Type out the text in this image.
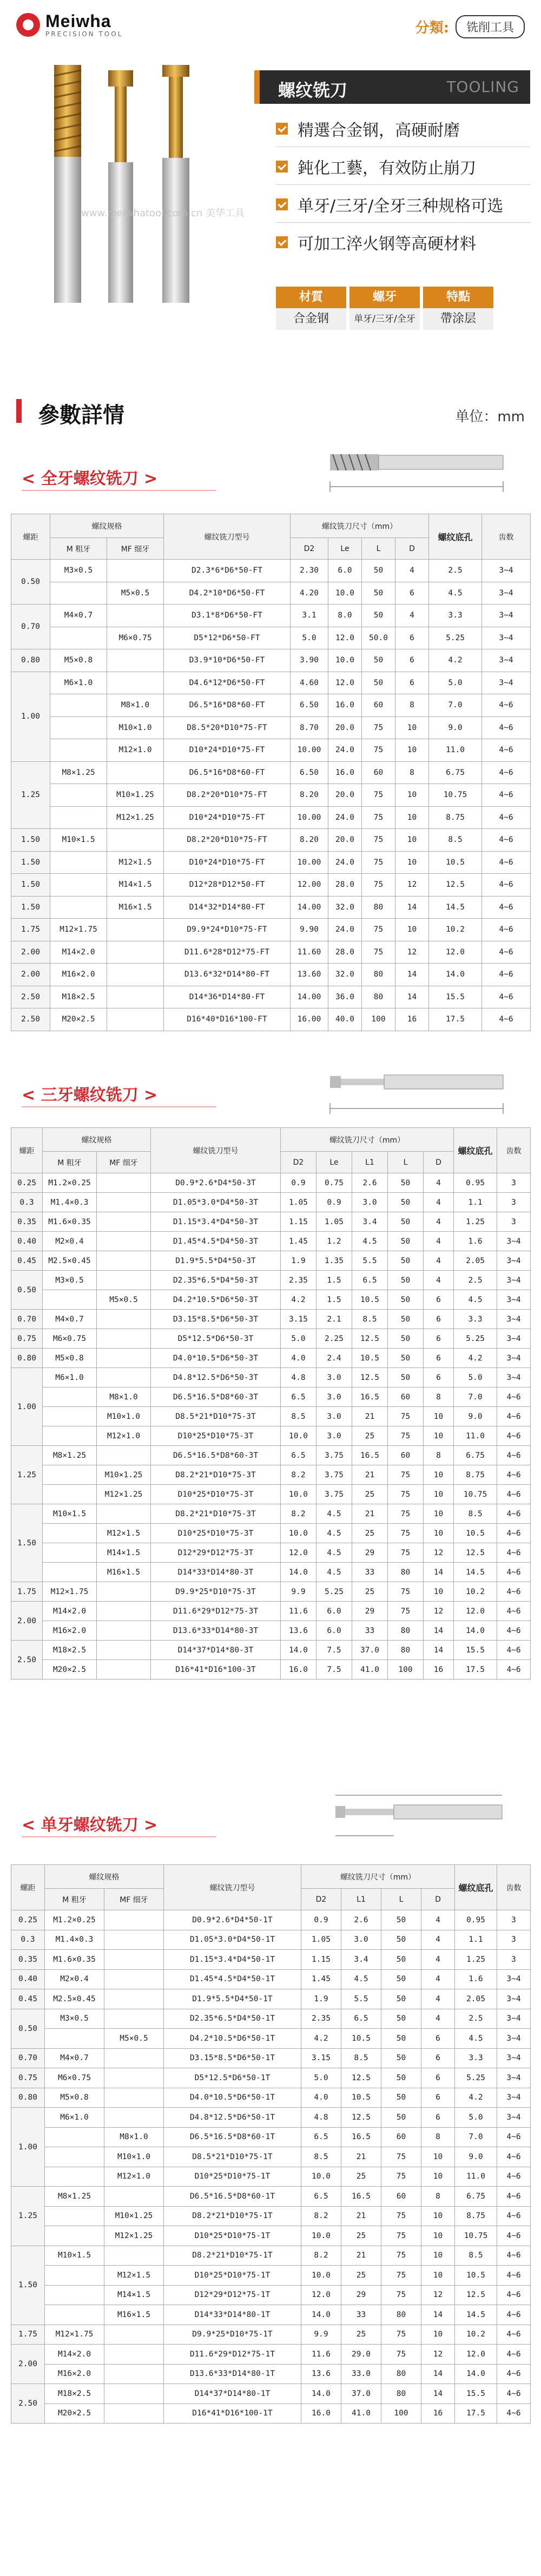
Meiwha
PRECISION TOOL	分類:	铣削工具
www.meiwhatool.com.cn 美华工具
螺纹铣刀	TOOLING
精選合金钢，高硬耐磨
鈍化工藝，有效防止崩刀
单牙/三牙/全牙三种规格可选
可加工淬火钢等高硬材料
材質
合金钢
螺牙
单牙/三牙/全牙
特點
帶涂层
參數詳情	单位：mm
< 全牙螺纹铣刀 >
螺距	螺纹规格		螺纹铣刀型号	螺纹铣刀尺寸（mm）				螺纹底孔	齿数
	M 粗牙	MF 细牙		D2	Le	L	D		
0.50	M3×0.5		D2.3*6*D6*50-FT	2.30	6.0	50	4	2.5	3~4
		M5×0.5	D4.2*10*D6*50-FT	4.20	10.0	50	6	4.5	3~4
0.70	M4×0.7		D3.1*8*D6*50-FT	3.1	8.0	50	4	3.3	3~4
		M6×0.75	D5*12*D6*50-FT	5.0	12.0	50.0	6	5.25	3~4
0.80	M5×0.8		D3.9*10*D6*50-FT	3.90	10.0	50	6	4.2	3~4
1.00	M6×1.0		D4.6*12*D6*50-FT	4.60	12.0	50	6	5.0	3~4
		M8×1.0	D6.5*16*D8*60-FT	6.50	16.0	60	8	7.0	4~6
		M10×1.0	D8.5*20*D10*75-FT	8.70	20.0	75	10	9.0	4~6
		M12×1.0	D10*24*D10*75-FT	10.00	24.0	75	10	11.0	4~6
1.25	M8×1.25		D6.5*16*D8*60-FT	6.50	16.0	60	8	6.75	4~6
		M10×1.25	D8.2*20*D10*75-FT	8.20	20.0	75	10	10.75	4~6
		M12×1.25	D10*24*D10*75-FT	10.00	24.0	75	10	8.75	4~6
1.50	M10×1.5		D8.2*20*D10*75-FT	8.20	20.0	75	10	8.5	4~6
1.50		M12×1.5	D10*24*D10*75-FT	10.00	24.0	75	10	10.5	4~6
1.50		M14×1.5	D12*28*D12*50-FT	12.00	28.0	75	12	12.5	4~6
1.50		M16×1.5	D14*32*D14*80-FT	14.00	32.0	80	14	14.5	4~6
1.75	M12×1.75		D9.9*24*D10*75-FT	9.90	24.0	75	10	10.2	4~6
2.00	M14×2.0		D11.6*28*D12*75-FT	11.60	28.0	75	12	12.0	4~6
2.00	M16×2.0		D13.6*32*D14*80-FT	13.60	32.0	80	14	14.0	4~6
2.50	M18×2.5		D14*36*D14*80-FT	14.00	36.0	80	14	15.5	4~6
2.50	M20×2.5		D16*40*D16*100-FT	16.00	40.0	100	16	17.5	4~6
< 三牙螺纹铣刀 >
螺距	螺纹规格		螺纹铣刀型号	螺纹铣刀尺寸（mm）					螺纹底孔	齿数
	M 粗牙	MF 细牙		D2	Le	L1	L	D		
0.25	M1.2×0.25		D0.9*2.6*D4*50-3T	0.9	0.75	2.6	50	4	0.95	3
0.3	M1.4×0.3		D1.05*3.0*D4*50-3T	1.05	0.9	3.0	50	4	1.1	3
0.35	M1.6×0.35		D1.15*3.4*D4*50-3T	1.15	1.05	3.4	50	4	1.25	3
0.40	M2×0.4		D1.45*4.5*D4*50-3T	1.45	1.2	4.5	50	4	1.6	3~4
0.45	M2.5×0.45		D1.9*5.5*D4*50-3T	1.9	1.35	5.5	50	4	2.05	3~4
0.50	M3×0.5		D2.35*6.5*D4*50-3T	2.35	1.5	6.5	50	4	2.5	3~4
		M5×0.5	D4.2*10.5*D6*50-3T	4.2	1.5	10.5	50	6	4.5	3~4
0.70	M4×0.7		D3.15*8.5*D6*50-3T	3.15	2.1	8.5	50	6	3.3	3~4
0.75	M6×0.75		D5*12.5*D6*50-3T	5.0	2.25	12.5	50	6	5.25	3~4
0.80	M5×0.8		D4.0*10.5*D6*50-3T	4.0	2.4	10.5	50	6	4.2	3~4
1.00	M6×1.0		D4.8*12.5*D6*50-3T	4.8	3.0	12.5	50	6	5.0	3~4
		M8×1.0	D6.5*16.5*D8*60-3T	6.5	3.0	16.5	60	8	7.0	4~6
		M10×1.0	D8.5*21*D10*75-3T	8.5	3.0	21	75	10	9.0	4~6
		M12×1.0	D10*25*D10*75-3T	10.0	3.0	25	75	10	11.0	4~6
1.25	M8×1.25		D6.5*16.5*D8*60-3T	6.5	3.75	16.5	60	8	6.75	4~6
		M10×1.25	D8.2*21*D10*75-3T	8.2	3.75	21	75	10	8.75	4~6
		M12×1.25	D10*25*D10*75-3T	10.0	3.75	25	75	10	10.75	4~6
1.50	M10×1.5		D8.2*21*D10*75-3T	8.2	4.5	21	75	10	8.5	4~6
		M12×1.5	D10*25*D10*75-3T	10.0	4.5	25	75	10	10.5	4~6
		M14×1.5	D12*29*D12*75-3T	12.0	4.5	29	75	12	12.5	4~6
		M16×1.5	D14*33*D14*80-3T	14.0	4.5	33	80	14	14.5	4~6
1.75	M12×1.75		D9.9*25*D10*75-3T	9.9	5.25	25	75	10	10.2	4~6
2.00	M14×2.0		D11.6*29*D12*75-3T	11.6	6.0	29	75	12	12.0	4~6
	M16×2.0		D13.6*33*D14*80-3T	13.6	6.0	33	80	14	14.0	4~6
2.50	M18×2.5		D14*37*D14*80-3T	14.0	7.5	37.0	80	14	15.5	4~6
	M20×2.5		D16*41*D16*100-3T	16.0	7.5	41.0	100	16	17.5	4~6
< 单牙螺纹铣刀 >
螺距	螺纹规格		螺纹铣刀型号	螺纹铣刀尺寸（mm）				螺纹底孔	齿数
	M 粗牙	MF 细牙		D2	L1	L	D		
0.25	M1.2×0.25		D0.9*2.6*D4*50-1T	0.9	2.6	50	4	0.95	3
0.3	M1.4×0.3		D1.05*3.0*D4*50-1T	1.05	3.0	50	4	1.1	3
0.35	M1.6×0.35		D1.15*3.4*D4*50-1T	1.15	3.4	50	4	1.25	3
0.40	M2×0.4		D1.45*4.5*D4*50-1T	1.45	4.5	50	4	1.6	3~4
0.45	M2.5×0.45		D1.9*5.5*D4*50-1T	1.9	5.5	50	4	2.05	3~4
0.50	M3×0.5		D2.35*6.5*D4*50-1T	2.35	6.5	50	4	2.5	3~4
		M5×0.5	D4.2*10.5*D6*50-1T	4.2	10.5	50	6	4.5	3~4
0.70	M4×0.7		D3.15*8.5*D6*50-1T	3.15	8.5	50	6	3.3	3~4
0.75	M6×0.75		D5*12.5*D6*50-1T	5.0	12.5	50	6	5.25	3~4
0.80	M5×0.8		D4.0*10.5*D6*50-1T	4.0	10.5	50	6	4.2	3~4
1.00	M6×1.0		D4.8*12.5*D6*50-1T	4.8	12.5	50	6	5.0	3~4
		M8×1.0	D6.5*16.5*D8*60-1T	6.5	16.5	60	8	7.0	4~6
		M10×1.0	D8.5*21*D10*75-1T	8.5	21	75	10	9.0	4~6
		M12×1.0	D10*25*D10*75-1T	10.0	25	75	10	11.0	4~6
1.25	M8×1.25		D6.5*16.5*D8*60-1T	6.5	16.5	60	8	6.75	4~6
		M10×1.25	D8.2*21*D10*75-1T	8.2	21	75	10	8.75	4~6
		M12×1.25	D10*25*D10*75-1T	10.0	25	75	10	10.75	4~6
1.50	M10×1.5		D8.2*21*D10*75-1T	8.2	21	75	10	8.5	4~6
		M12×1.5	D10*25*D10*75-1T	10.0	25	75	10	10.5	4~6
		M14×1.5	D12*29*D12*75-1T	12.0	29	75	12	12.5	4~6
		M16×1.5	D14*33*D14*80-1T	14.0	33	80	14	14.5	4~6
1.75	M12×1.75		D9.9*25*D10*75-1T	9.9	25	75	10	10.2	4~6
2.00	M14×2.0		D11.6*29*D12*75-1T	11.6	29.0	75	12	12.0	4~6
	M16×2.0		D13.6*33*D14*80-1T	13.6	33.0	80	14	14.0	4~6
2.50	M18×2.5		D14*37*D14*80-1T	14.0	37.0	80	14	15.5	4~6
	M20×2.5		D16*41*D16*100-1T	16.0	41.0	100	16	17.5	4~6
